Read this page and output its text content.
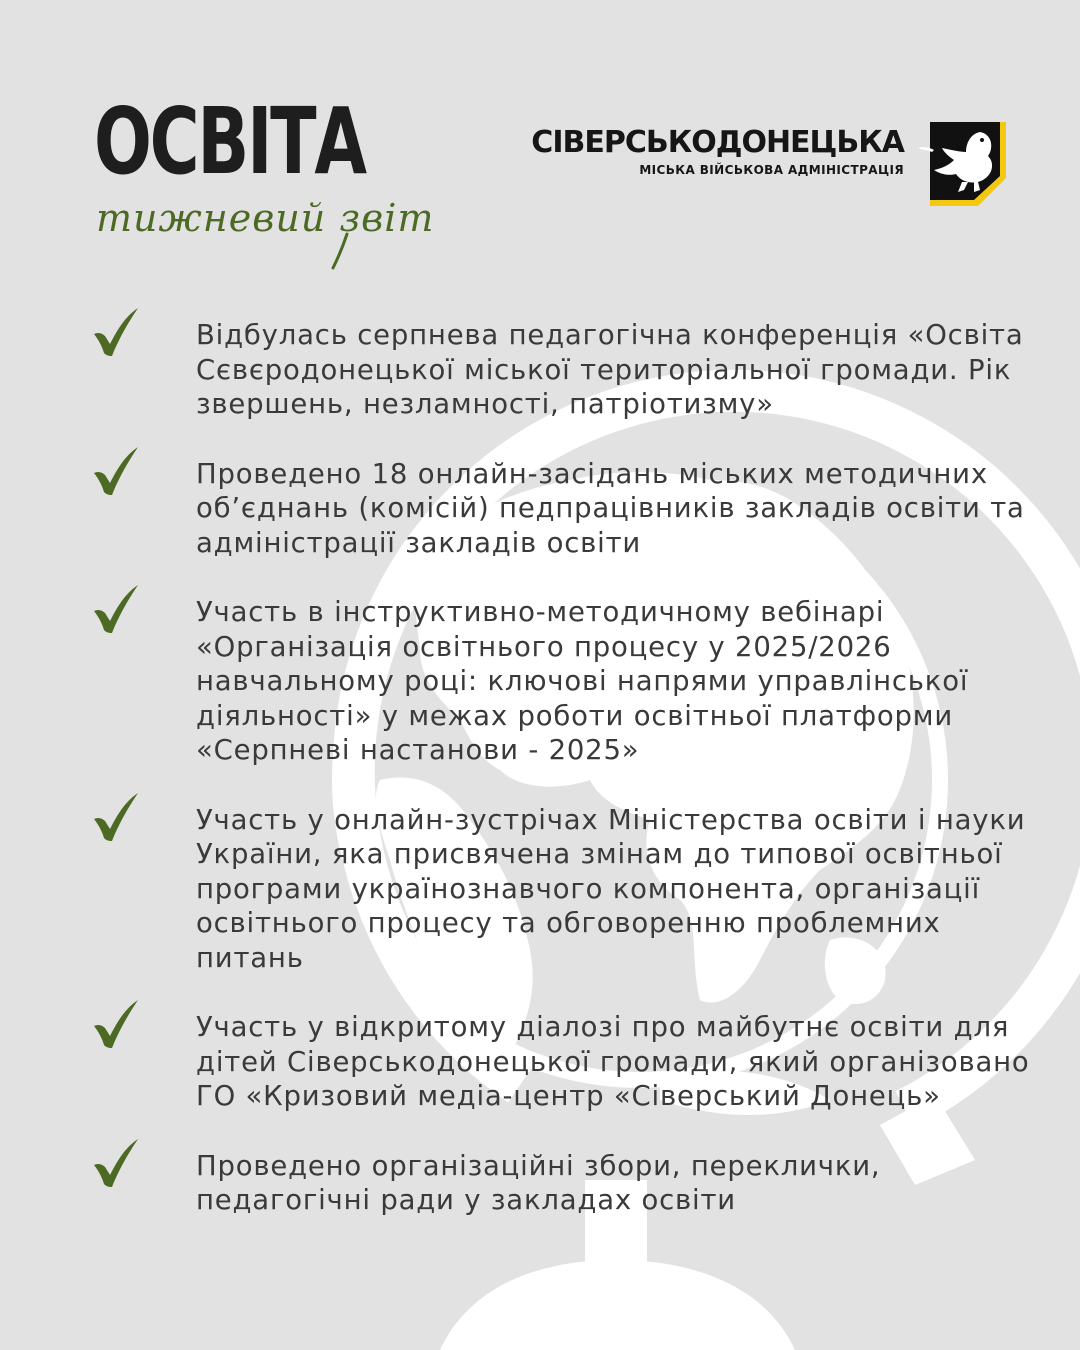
ОСВІТА

тижневий звіт

СІВЕРСЬКОДОНЕЦЬКА
МІСЬКА ВІЙСЬКОВА АДМІНІСТРАЦІЯ

Відбулась серпнева педагогічна конференція «Освіта Сєвєродонецької міської територіальної громади. Рік звершень, незламності, патріотизму»

Проведено 18 онлайн-засідань міських методичних об’єднань (комісій) педпрацівників закладів освіти та адміністрації закладів освіти

Участь в інструктивно-методичному вебінарі «Організація освітнього процесу у 2025/2026 навчальному році: ключові напрями управлінської діяльності» у межах роботи освітньої платформи «Серпневі настанови - 2025»

Участь у онлайн-зустрічах Міністерства освіти і науки України, яка присвячена змінам до типової освітньої програми українознавчого компонента, організації освітнього процесу та обговоренню проблемних питань

Участь у відкритому діалозі про майбутнє освіти для дітей Сіверськодонецької громади, який організовано ГО «Кризовий медіа-центр «Сіверський Донець»

Проведено організаційні збори, переклички, педагогічні ради у закладах освіти
